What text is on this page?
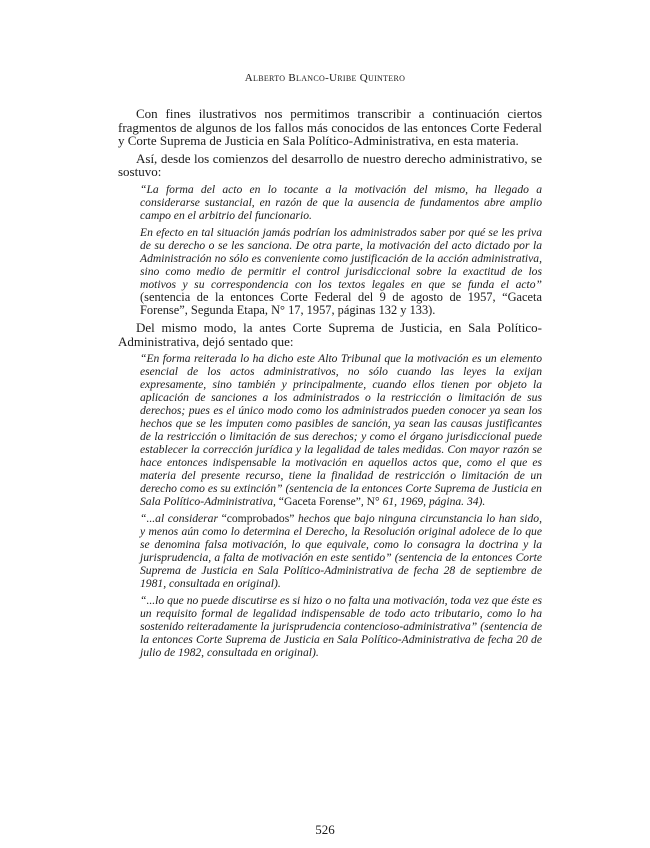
Alberto Blanco-Uribe Quintero

Con fines ilustrativos nos permitimos transcribir a continuación ciertos fragmentos de algunos de los fallos más conocidos de las entonces Corte Federal y Corte Suprema de Justicia en Sala Político-Administrativa, en esta materia.

Así, desde los comienzos del desarrollo de nuestro derecho administrativo, se sostuvo:

“La forma del acto en lo tocante a la motivación del mismo, ha llegado a considerarse sustancial, en razón de que la ausencia de fundamentos abre amplio campo en el arbitrio del funcionario.

En efecto en tal situación jamás podrían los administrados saber por qué se les priva de su derecho o se les sanciona. De otra parte, la motivación del acto dictado por la Administración no sólo es conveniente como justificación de la acción administrativa, sino como medio de permitir el control jurisdiccional sobre la exactitud de los motivos y su correspondencia con los textos legales en que se funda el acto” (sentencia de la entonces Corte Federal del 9 de agosto de 1957, “Gaceta Forense”, Segunda Etapa, N° 17, 1957, páginas 132 y 133).

Del mismo modo, la antes Corte Suprema de Justicia, en Sala Político-Administrativa, dejó sentado que:

“En forma reiterada lo ha dicho este Alto Tribunal que la motivación es un elemento esencial de los actos administrativos, no sólo cuando las leyes la exijan expresamente, sino también y principalmente, cuando ellos tienen por objeto la aplicación de sanciones a los administrados o la restricción o limitación de sus derechos; pues es el único modo como los administrados pueden conocer ya sean los hechos que se les imputen como pasibles de sanción, ya sean las causas justificantes de la restricción o limitación de sus derechos; y como el órgano jurisdiccional puede establecer la corrección jurídica y la legalidad de tales medidas. Con mayor razón se hace entonces indispensable la motivación en aquellos actos que, como el que es materia del presente recurso, tiene la finalidad de restricción o limitación de un derecho como es su extinción” (sentencia de la entonces Corte Suprema de Justicia en Sala Político-Administrativa, “Gaceta Forense”, N° 61, 1969, página. 34).

“...al considerar “comprobados” hechos que bajo ninguna circunstancia lo han sido, y menos aún como lo determina el Derecho, la Resolución original adolece de lo que se denomina falsa motivación, lo que equivale, como lo consagra la doctrina y la jurisprudencia, a falta de motivación en este sentido” (sentencia de la entonces Corte Suprema de Justicia en Sala Político-Administrativa de fecha 28 de septiembre de 1981, consultada en original).

“...lo que no puede discutirse es si hizo o no falta una motivación, toda vez que éste es un requisito formal de legalidad indispensable de todo acto tributario, como lo ha sostenido reiteradamente la jurisprudencia contencioso-administrativa” (sentencia de la entonces Corte Suprema de Justicia en Sala Político-Administrativa de fecha 20 de julio de 1982, consultada en original).

526
